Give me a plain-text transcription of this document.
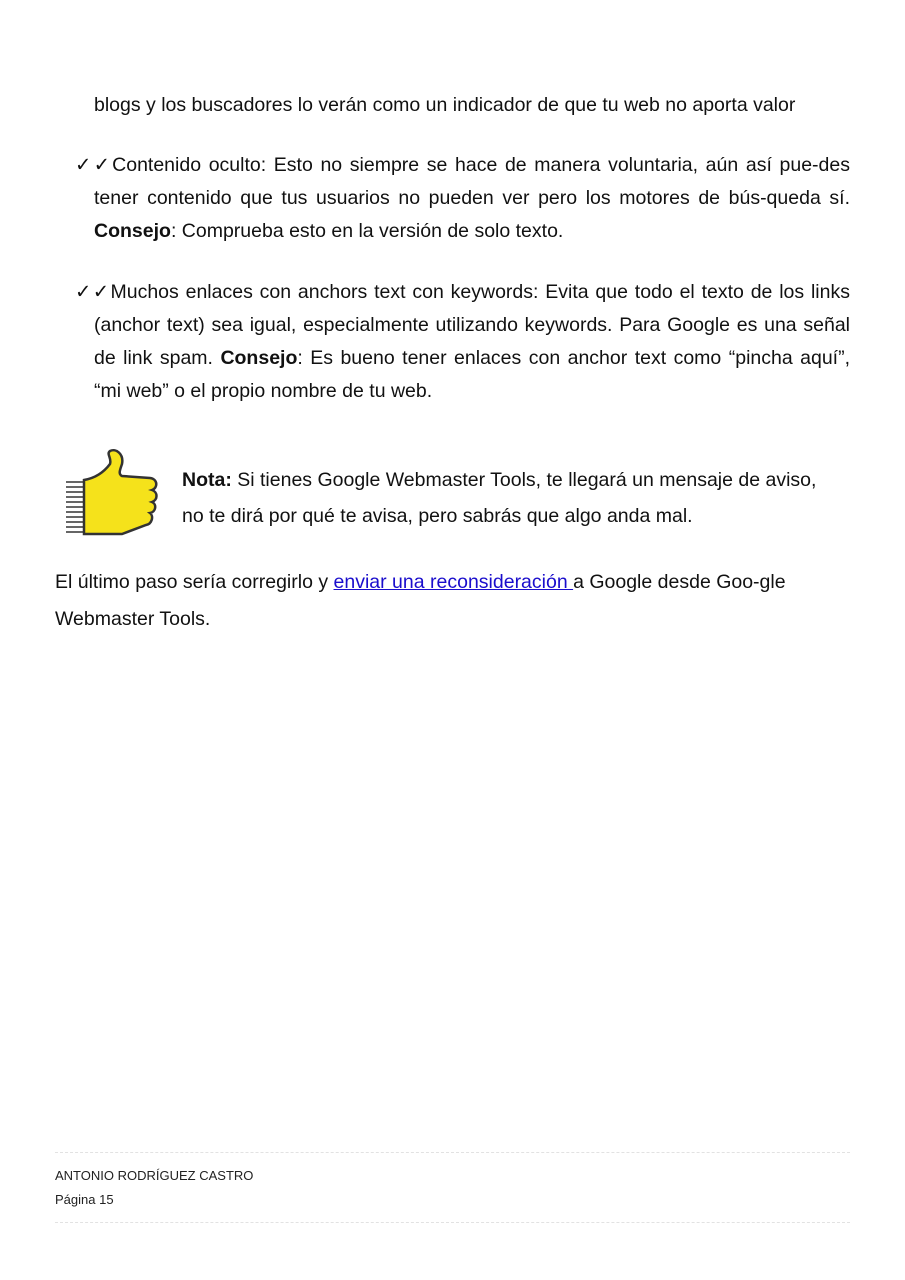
blogs y los buscadores lo verán como un indicador de que tu web no aporta valor
✓✓Contenido oculto: Esto no siempre se hace de manera voluntaria, aún así pue-des tener contenido que tus usuarios no pueden ver pero los motores de bús-queda sí. Consejo: Comprueba esto en la versión de solo texto.
✓✓Muchos enlaces con anchors text con keywords: Evita que todo el texto de los links (anchor text) sea igual, especialmente utilizando keywords. Para Google es una señal de link spam. Consejo: Es bueno tener enlaces con anchor text como “pincha aquí”, “mi web” o el propio nombre de tu web.
Nota: Si tienes Google Webmaster Tools, te llegará un mensaje de aviso, no te dirá por qué te avisa, pero sabrás que algo anda mal.
El último paso sería corregirlo y enviar una reconsideración a Google desde Goo-gle Webmaster Tools.
ANTONIO RODRÍGUEZ CASTRO
Página 15
